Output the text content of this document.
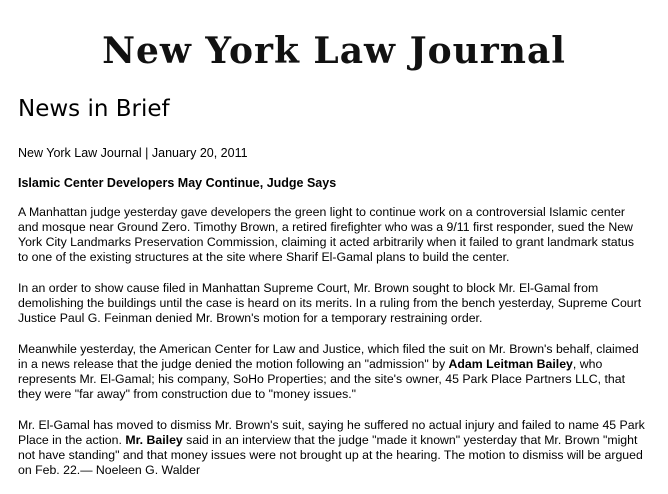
New York Law Journal
News in Brief
New York Law Journal | January 20, 2011
Islamic Center Developers May Continue, Judge Says

A Manhattan judge yesterday gave developers the green light to continue work on a controversial Islamic center and mosque near Ground Zero. Timothy Brown, a retired firefighter who was a 9/11 first responder, sued the New York City Landmarks Preservation Commission, claiming it acted arbitrarily when it failed to grant landmark status to one of the existing structures at the site where Sharif El-Gamal plans to build the center.

In an order to show cause filed in Manhattan Supreme Court, Mr. Brown sought to block Mr. El-Gamal from demolishing the buildings until the case is heard on its merits. In a ruling from the bench yesterday, Supreme Court Justice Paul G. Feinman denied Mr. Brown's motion for a temporary restraining order.

Meanwhile yesterday, the American Center for Law and Justice, which filed the suit on Mr. Brown's behalf, claimed in a news release that the judge denied the motion following an "admission" by Adam Leitman Bailey, who represents Mr. El-Gamal; his company, SoHo Properties; and the site's owner, 45 Park Place Partners LLC, that they were "far away" from construction due to "money issues."

Mr. El-Gamal has moved to dismiss Mr. Brown's suit, saying he suffered no actual injury and failed to name 45 Park Place in the action. Mr. Bailey said in an interview that the judge "made it known" yesterday that Mr. Brown "might not have standing" and that money issues were not brought up at the hearing. The motion to dismiss will be argued on Feb. 22.— Noeleen G. Walder
